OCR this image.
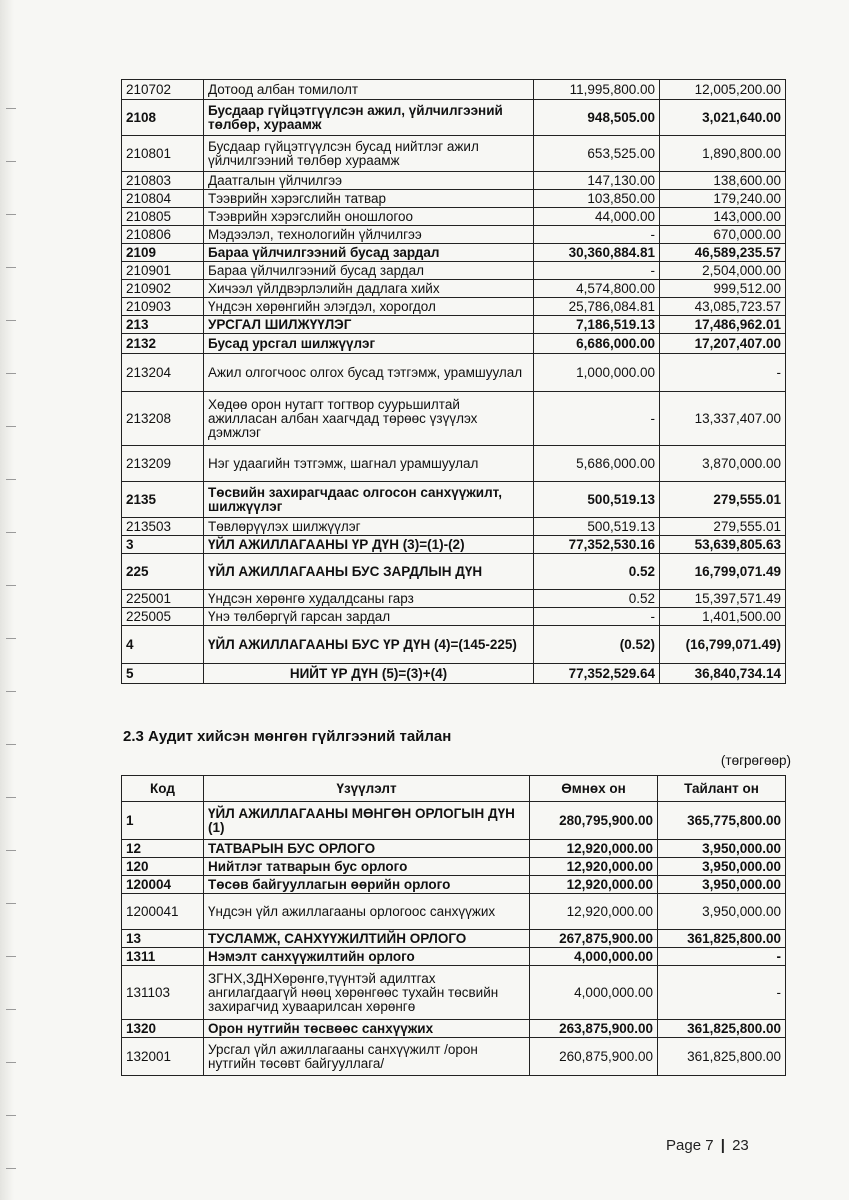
210702	Дотоод албан томилолт	11,995,800.00	12,005,200.00
2108	Бусдаар гүйцэтгүүлсэн ажил, үйлчилгээний төлбөр, хураамж	948,505.00	3,021,640.00
210801	Бусдаар гүйцэтгүүлсэн бусад нийтлэг ажил үйлчилгээний төлбөр хураамж	653,525.00	1,890,800.00
210803	Даатгалын үйлчилгээ	147,130.00	138,600.00
210804	Тээврийн хэрэгслийн татвар	103,850.00	179,240.00
210805	Тээврийн хэрэгслийн оношлогоо	44,000.00	143,000.00
210806	Мэдээлэл, технологийн үйлчилгээ	-	670,000.00
2109	Бараа үйлчилгээний бусад зардал	30,360,884.81	46,589,235.57
210901	Бараа үйлчилгээний бусад зардал	-	2,504,000.00
210902	Хичээл үйлдвэрлэлийн дадлага хийх	4,574,800.00	999,512.00
210903	Үндсэн хөрөнгийн элэгдэл, хорогдол	25,786,084.81	43,085,723.57
213	УРСГАЛ ШИЛЖҮҮЛЭГ	7,186,519.13	17,486,962.01
2132	Бусад урсгал шилжүүлэг	6,686,000.00	17,207,407.00
213204	Ажил олгогчоос олгох бусад тэтгэмж, урамшуулал	1,000,000.00	-
213208	Хөдөө орон нутагт тогтвор суурьшилтай ажилласан албан хаагчдад төрөөс үзүүлэх дэмжлэг	-	13,337,407.00
213209	Нэг удаагийн тэтгэмж, шагнал урамшуулал	5,686,000.00	3,870,000.00
2135	Төсвийн захирагчдаас олгосон санхүүжилт, шилжүүлэг	500,519.13	279,555.01
213503	Төвлөрүүлэх шилжүүлэг	500,519.13	279,555.01
3	ҮЙЛ АЖИЛЛАГААНЫ ҮР ДҮН (3)=(1)-(2)	77,352,530.16	53,639,805.63
225	ҮЙЛ АЖИЛЛАГААНЫ БУС ЗАРДЛЫН ДҮН	0.52	16,799,071.49
225001	Үндсэн хөрөнгө худалдсаны гарз	0.52	15,397,571.49
225005	Үнэ төлбөргүй гарсан зардал	-	1,401,500.00
4	ҮЙЛ АЖИЛЛАГААНЫ БУС ҮР ДҮН (4)=(145-225)	(0.52)	(16,799,071.49)
5	НИЙТ ҮР ДҮН (5)=(3)+(4)	77,352,529.64	36,840,734.14
2.3 Аудит хийсэн мөнгөн гүйлгээний тайлан
(төгрөгөөр)
Код	Үзүүлэлт	Өмнөх он	Тайлант он
1	ҮЙЛ АЖИЛЛАГААНЫ МӨНГӨН ОРЛОГЫН ДҮН (1)	280,795,900.00	365,775,800.00
12	ТАТВАРЫН БУС ОРЛОГО	12,920,000.00	3,950,000.00
120	Нийтлэг татварын бус орлого	12,920,000.00	3,950,000.00
120004	Төсөв байгууллагын өөрийн орлого	12,920,000.00	3,950,000.00
1200041	Үндсэн үйл ажиллагааны орлогоос санхүүжих	12,920,000.00	3,950,000.00
13	ТУСЛАМЖ, САНХҮҮЖИЛТИЙН ОРЛОГО	267,875,900.00	361,825,800.00
1311	Нэмэлт санхүүжилтийн орлого	4,000,000.00	-
131103	ЗГНХ,ЗДНХөрөнгө,түүнтэй адилтгах ангилагдаагүй нөөц хөрөнгөөс тухайн төсвийн захирагчид хуваарилсан хөрөнгө	4,000,000.00	-
1320	Орон нутгийн төсвөөс санхүүжих	263,875,900.00	361,825,800.00
132001	Урсгал үйл ажиллагааны санхүүжилт /орон нутгийн төсөвт байгууллага/	260,875,900.00	361,825,800.00
Page 7 | 23
